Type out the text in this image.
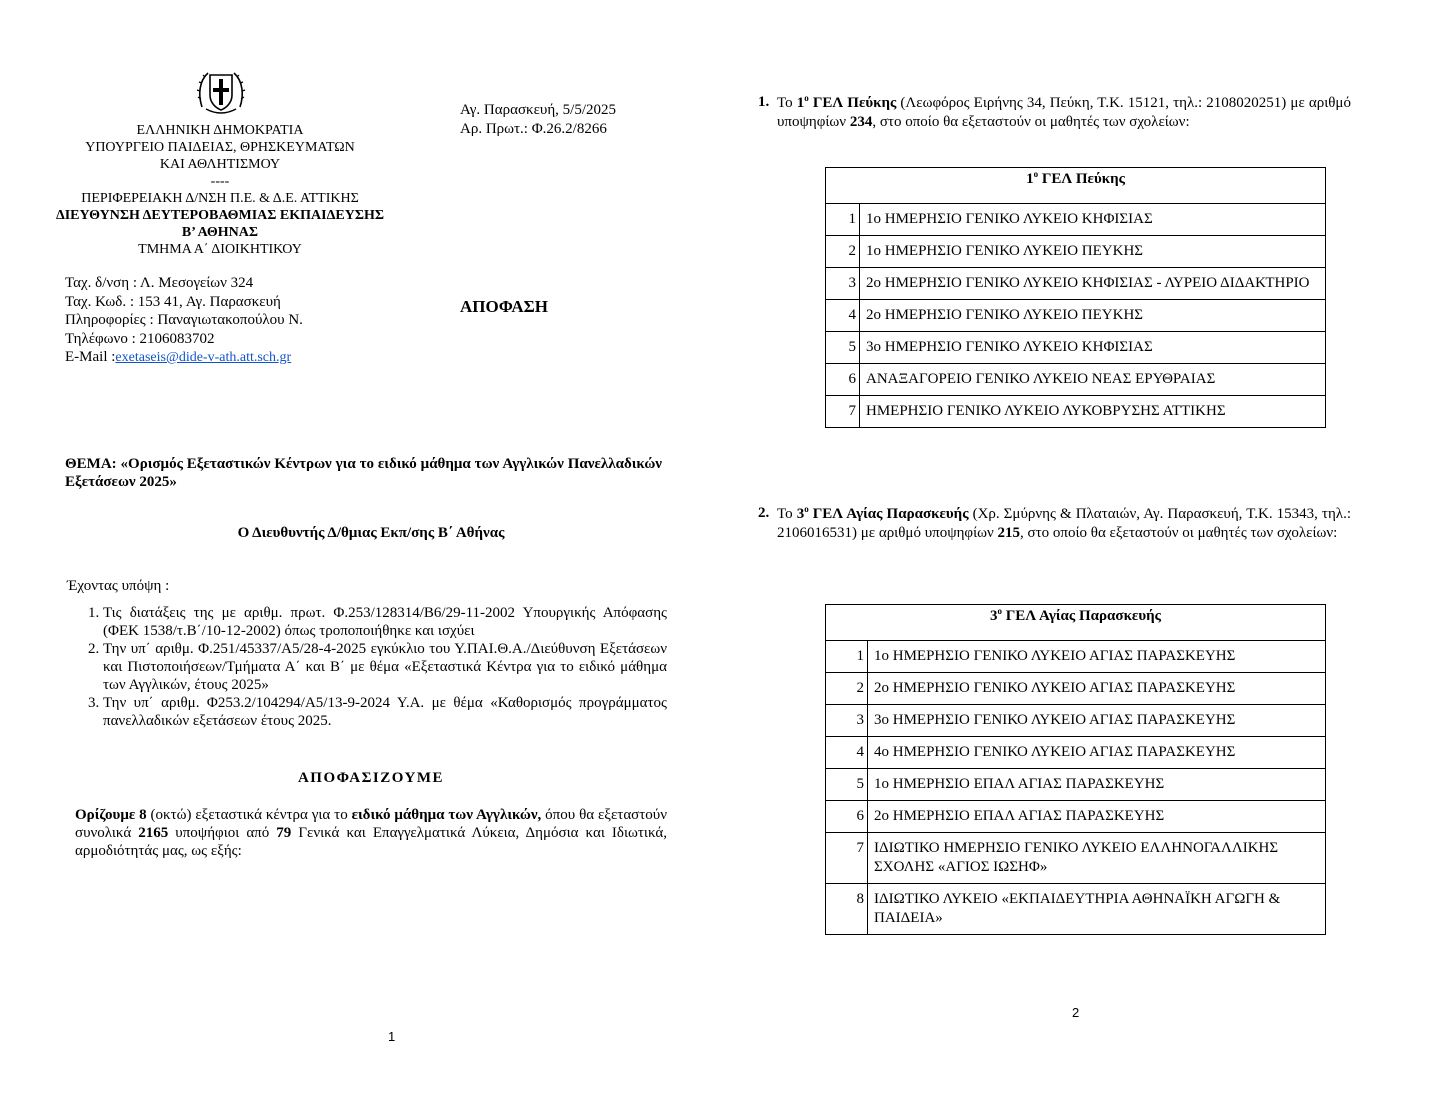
ΕΛΛΗΝΙΚΗ ΔΗΜΟΚΡΑΤΙΑ
ΥΠΟΥΡΓΕΙΟ ΠΑΙΔΕΙΑΣ, ΘΡΗΣΚΕΥΜΑΤΩΝ
ΚΑΙ ΑΘΛΗΤΙΣΜΟΥ
----
ΠΕΡΙΦΕΡΕΙΑΚΗ Δ/ΝΣΗ Π.Ε. & Δ.Ε. ΑΤΤΙΚΗΣ
ΔΙΕΥΘΥΝΣΗ ΔΕΥΤΕΡΟΒΑΘΜΙΑΣ ΕΚΠΑΙΔΕΥΣΗΣ
Β’ ΑΘΗΝΑΣ
ΤΜΗΜΑ Α΄ ΔΙΟΙΚΗΤΙΚΟΥ
Αγ. Παρασκευή, 5/5/2025
Αρ. Πρωτ.: Φ.26.2/8266
Ταχ. δ/νση : Λ. Μεσογείων 324
Ταχ. Κωδ. : 153 41, Αγ. Παρασκευή
Πληροφορίες : Παναγιωτακοπούλου Ν.
Τηλέφωνο : 2106083702
E-Mail :exetaseis@dide-v-ath.att.sch.gr
ΑΠΟΦΑΣΗ
ΘΕΜΑ: «Ορισμός Εξεταστικών Κέντρων για το ειδικό μάθημα των Αγγλικών Πανελλαδικών Εξετάσεων 2025»
Ο Διευθυντής Δ/θμιας Εκπ/σης Β΄ Αθήνας
Έχοντας υπόψη :
1. Τις διατάξεις της με αριθμ. πρωτ. Φ.253/128314/Β6/29-11-2002 Υπουργικής Απόφασης (ΦΕΚ 1538/τ.Β΄/10-12-2002) όπως τροποποιήθηκε και ισχύει
2. Την υπ΄ αριθμ. Φ.251/45337/Α5/28-4-2025 εγκύκλιο του Υ.ΠΑΙ.Θ.Α./Διεύθυνση Εξετάσεων και Πιστοποιήσεων/Τμήματα Α΄ και Β΄ με θέμα «Εξεταστικά Κέντρα για το ειδικό μάθημα των Αγγλικών, έτους 2025»
3. Την υπ΄ αριθμ. Φ253.2/104294/Α5/13-9-2024 Υ.Α. με θέμα «Καθορισμός προγράμματος πανελλαδικών εξετάσεων έτους 2025.
ΑΠΟΦΑΣΙΖΟΥΜΕ
Ορίζουμε 8 (οκτώ) εξεταστικά κέντρα για το ειδικό μάθημα των Αγγλικών, όπου θα εξεταστούν συνολικά 2165 υποψήφιοι από 79 Γενικά και Επαγγελματικά Λύκεια, Δημόσια και Ιδιωτικά, αρμοδιότητάς μας, ως εξής:
1
1. Το $1^o$ ΓΕΛ Πεύκης (Λεωφόρος Ειρήνης 34, Πεύκη, Τ.Κ. 15121, τηλ.: 2108020251) με αριθμό υποψηφίων 234, στο οποίο θα εξεταστούν οι μαθητές των σχολείων:
$1^o$ ΓΕΛ Πεύκης	
1	1ο ΗΜΕΡΗΣΙΟ ΓΕΝΙΚΟ ΛΥΚΕΙΟ ΚΗΦΙΣΙΑΣ
2	1ο ΗΜΕΡΗΣΙΟ ΓΕΝΙΚΟ ΛΥΚΕΙΟ ΠΕΥΚΗΣ
3	2ο ΗΜΕΡΗΣΙΟ ΓΕΝΙΚΟ ΛΥΚΕΙΟ ΚΗΦΙΣΙΑΣ - ΛΥΡΕΙΟ ΔΙΔΑΚΤΗΡΙΟ
4	2ο ΗΜΕΡΗΣΙΟ ΓΕΝΙΚΟ ΛΥΚΕΙΟ ΠΕΥΚΗΣ
5	3ο ΗΜΕΡΗΣΙΟ ΓΕΝΙΚΟ ΛΥΚΕΙΟ ΚΗΦΙΣΙΑΣ
6	ΑΝΑΞΑΓΟΡΕΙΟ ΓΕΝΙΚΟ ΛΥΚΕΙΟ ΝΕΑΣ ΕΡΥΘΡΑΙΑΣ
7	ΗΜΕΡΗΣΙΟ ΓΕΝΙΚΟ ΛΥΚΕΙΟ ΛΥΚΟΒΡΥΣΗΣ ΑΤΤΙΚΗΣ
2. Το $3^o$ ΓΕΛ Αγίας Παρασκευής (Χρ. Σμύρνης & Πλαταιών, Αγ. Παρασκευή, Τ.Κ. 15343, τηλ.: 2106016531) με αριθμό υποψηφίων 215, στο οποίο θα εξεταστούν οι μαθητές των σχολείων:
$3^o$ ΓΕΛ Αγίας Παρασκευής	
1	1ο ΗΜΕΡΗΣΙΟ ΓΕΝΙΚΟ ΛΥΚΕΙΟ ΑΓΙΑΣ ΠΑΡΑΣΚΕΥΗΣ
2	2ο ΗΜΕΡΗΣΙΟ ΓΕΝΙΚΟ ΛΥΚΕΙΟ ΑΓΙΑΣ ΠΑΡΑΣΚΕΥΗΣ
3	3ο ΗΜΕΡΗΣΙΟ ΓΕΝΙΚΟ ΛΥΚΕΙΟ ΑΓΙΑΣ ΠΑΡΑΣΚΕΥΗΣ
4	4ο ΗΜΕΡΗΣΙΟ ΓΕΝΙΚΟ ΛΥΚΕΙΟ ΑΓΙΑΣ ΠΑΡΑΣΚΕΥΗΣ
5	1ο ΗΜΕΡΗΣΙΟ ΕΠΑΛ ΑΓΙΑΣ ΠΑΡΑΣΚΕΥΗΣ
6	2ο ΗΜΕΡΗΣΙΟ ΕΠΑΛ ΑΓΙΑΣ ΠΑΡΑΣΚΕΥΗΣ
7	ΙΔΙΩΤΙΚΟ ΗΜΕΡΗΣΙΟ ΓΕΝΙΚΟ ΛΥΚΕΙΟ ΕΛΛΗΝΟΓΑΛΛΙΚΗΣ ΣΧΟΛΗΣ «ΑΓΙΟΣ ΙΩΣΗΦ»
8	ΙΔΙΩΤΙΚΟ ΛΥΚΕΙΟ «ΕΚΠΑΙΔΕΥΤΗΡΙΑ ΑΘΗΝΑΪΚΗ ΑΓΩΓΗ & ΠΑΙΔΕΙΑ»
2
